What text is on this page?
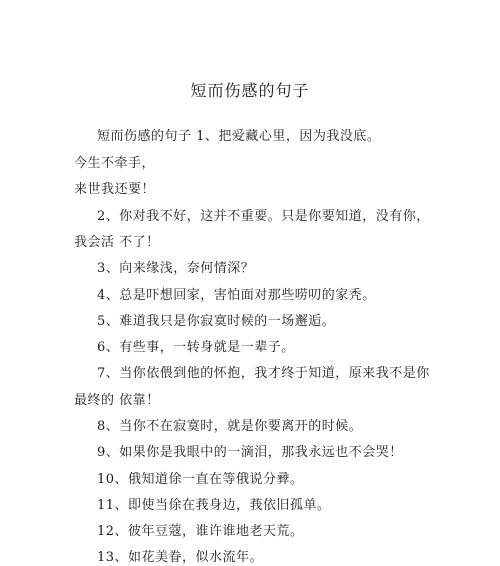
短而伤感的句子
短而伤感的句子 1、把爱藏心里，因为我没底。
今生不牵手，
来世我还要！
2、你对我不好，这并不重要。只是你要知道，没有你，
我会活 不了！
3、向来缘浅，奈何情深？
4、总是吓想回家，害怕面对那些唠叨的家秃。
5、难道我只是你寂寞时候的一场邂逅。
6、有些事，一转身就是一辈子。
7、当你依偎到他的怀抱，我才终于知道，原来我不是你
最终的 依靠！
8、当你不在寂寞时，就是你要离开的时候。
9、如果你是我眼中的一滴泪，那我永远也不会哭！
10、俄知道俆一直在等俄说分彛。
11、即使当俆在莪身边，莪依旧孤单。
12、彼年豆蔻，谁许谁地老天荒。
13、如花美眷，似水流年。
